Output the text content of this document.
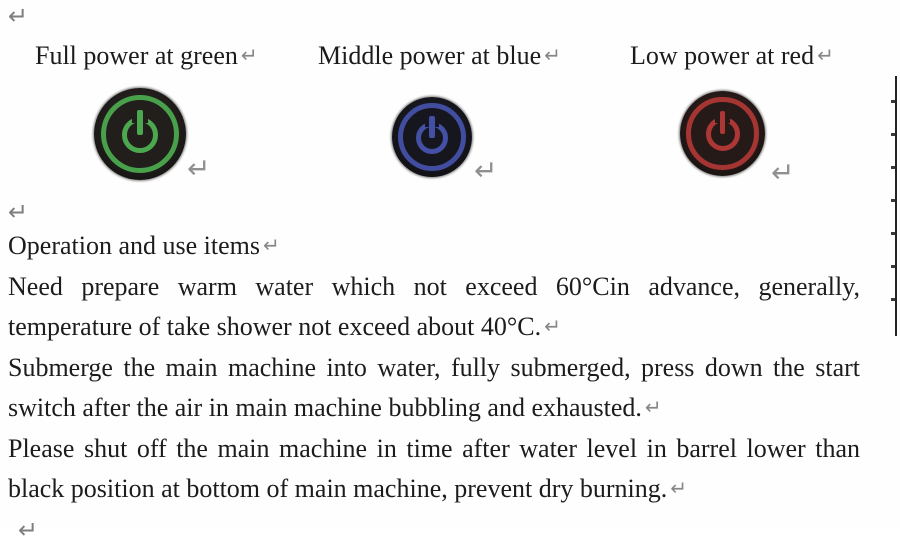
↵
Full power at green ↵ Middle power at blue ↵	Low power at red ↵
↵	↵	↵
↵
Operation and use items ↵
Need prepare warm water which not exceed 60°Cin advance, generally,
temperature of take shower not exceed about 40°C. ↵
Submerge the main machine into water, fully submerged, press down the start
switch after the air in main machine bubbling and exhausted. ↵
Please shut off the main machine in time after water level in barrel lower than
black position at bottom of main machine, prevent dry burning. ↵
↵
